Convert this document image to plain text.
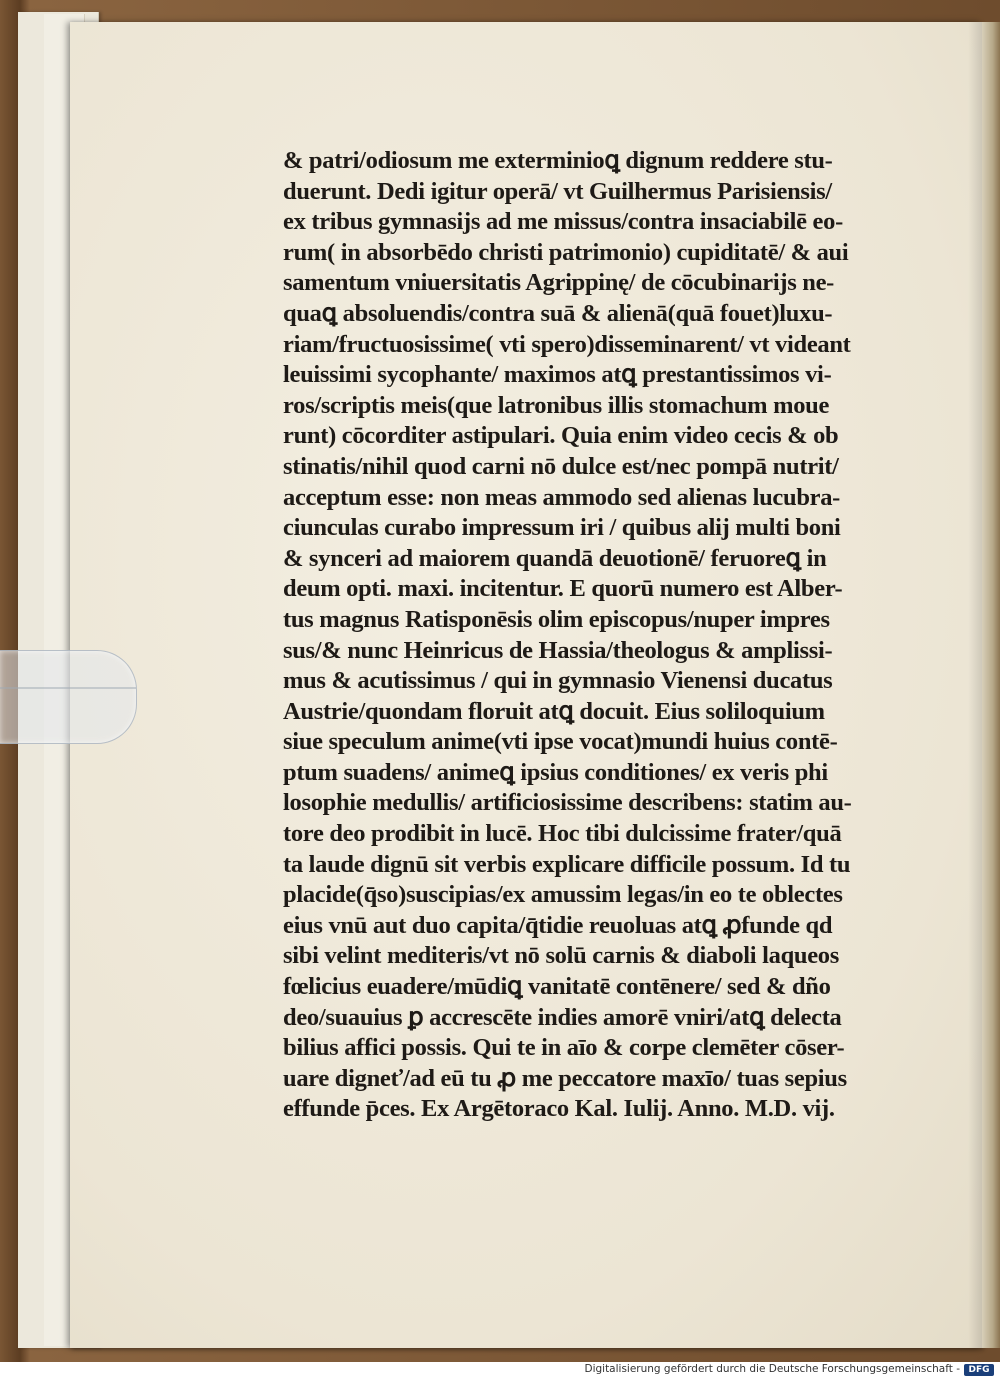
& patri/odiosum me exterminioꝗ dignum reddere stu-
duerunt. Dedi igitur operā/ vt Guilhermus Parisiensis/
ex tribus gymnasijs ad me missus/contra insaciabilē eo-
rum( in absorbēdo christi patrimonio) cupiditatē/ & aui
samentum vniuersitatis Agrippinę/ de cōcubinarijs ne-
quaꝗ absoluendis/contra suā & alienā(quā fouet)luxu-
riam/fructuosissime( vti spero)disseminarent/ vt videant
leuissimi sycophante/ maximos atꝗ prestantissimos vi-
ros/scriptis meis(que latronibus illis stomachum moue
runt) cōcorditer astipulari. Quia enim video cecis & ob
stinatis/nihil quod carni nō dulce est/nec pompā nutrit/
acceptum esse: non meas ammodo sed alienas lucubra-
ciunculas curabo impressum iri / quibus alij multi boni
& synceri ad maiorem quandā deuotionē/ feruoreꝗ in
deum opti. maxi. incitentur. E quorū numero est Alber-
tus magnus Ratisponēsis olim episcopus/nuper impres
sus/& nunc Heinricus de Hassia/theologus & amplissi-
mus & acutissimus / qui in gymnasio Vienensi ducatus
Austrie/quondam floruit atꝗ docuit. Eius soliloquium
siue speculum anime(vti ipse vocat)mundi huius contē-
ptum suadens/ animeꝗ ipsius conditiones/ ex veris phi
losophie medullis/ artificiosissime describens: statim au-
tore deo prodibit in lucē. Hoc tibi dulcissime frater/quā
ta laude dignū sit verbis explicare difficile possum. Id tu
placide(q̄so)suscipias/ex amussim legas/in eo te oblectes
eius vnū aut duo capita/q̄tidie reuoluas atꝗ ꝓfunde qd
sibi velint mediteris/vt nō solū carnis & diaboli laqueos
fœlicius euadere/mūdiꝗ vanitatē contēnere/ sed & dño
deo/suauius ꝑ accrescēte indies amorē vniri/atꝗ delecta
bilius affici possis. Qui te in aīo & corpe clemēter cōser-
uare digneť/ad eū tu ꝓ me peccatore maxīo/ tuas sepius
effunde p̄ces. Ex Argētoraco Kal. Iulij. Anno. M.D. vij.
Digitalisierung gefördert durch die Deutsche Forschungsgemeinschaft - DFG
